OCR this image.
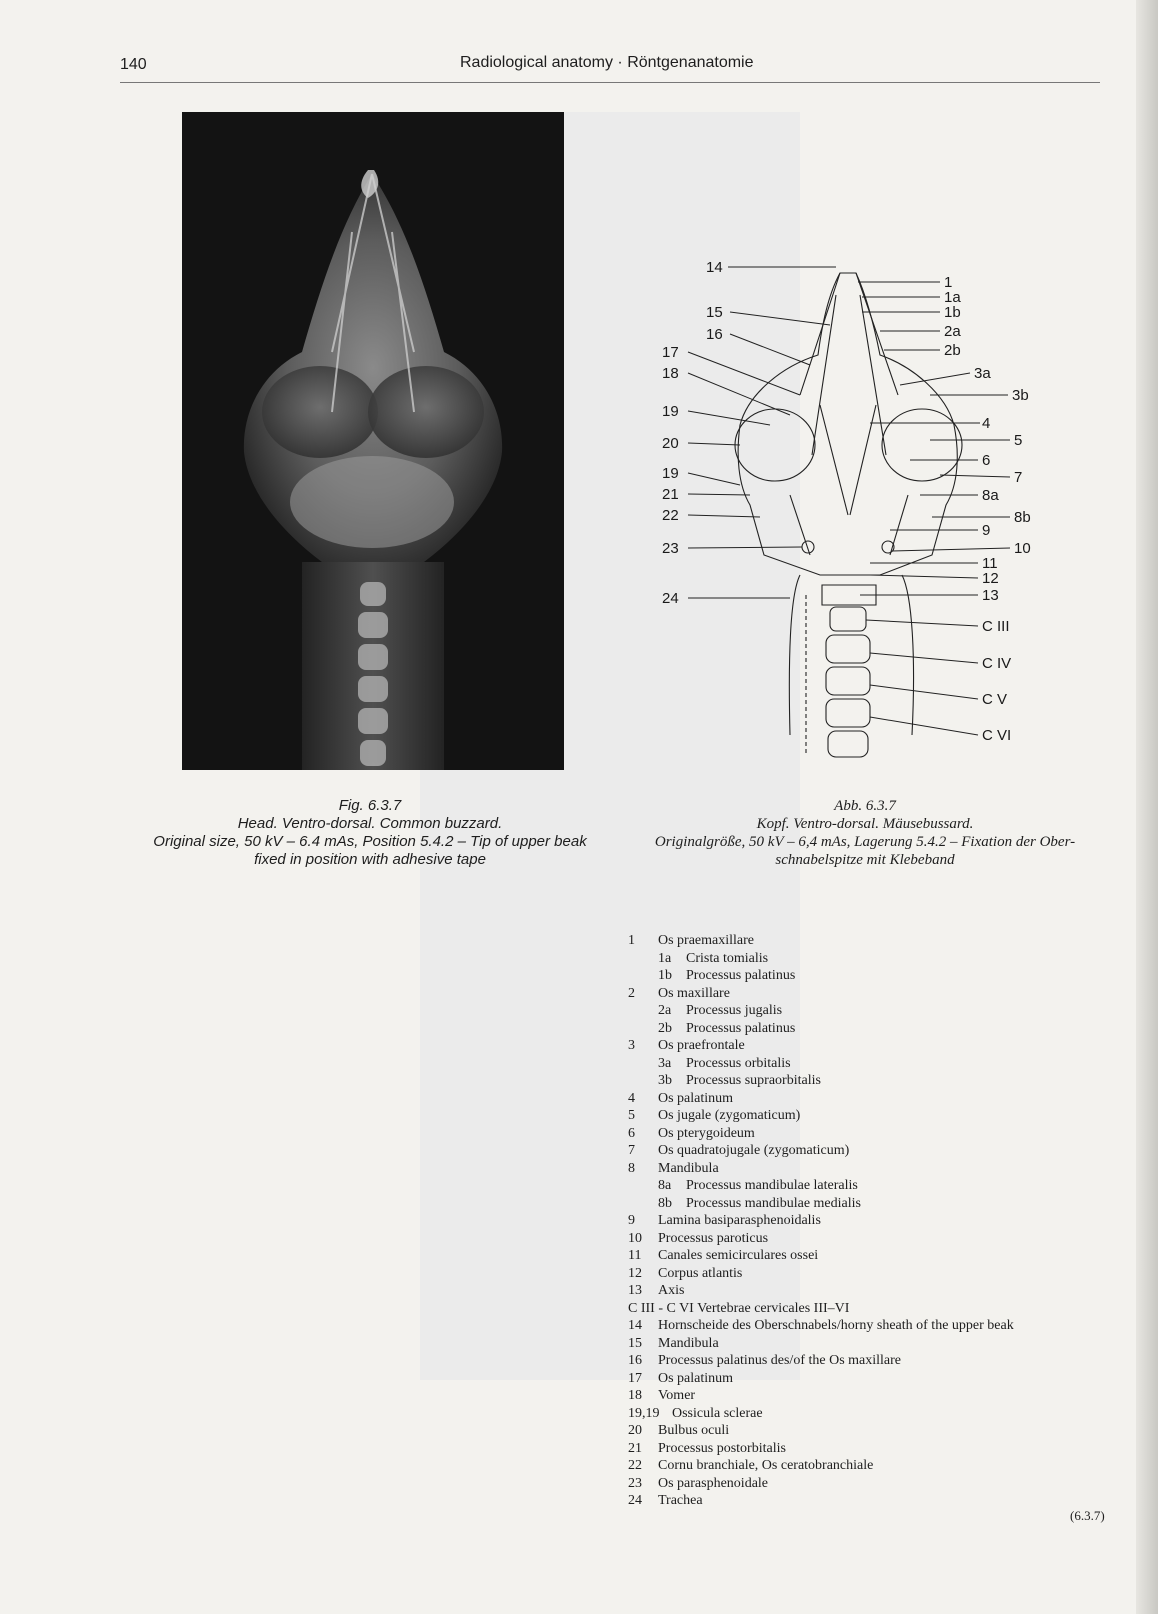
140	Radiological anatomy · Röntgenanatomie
14
15
16
17
18
19
20
19
21
22
23
24
1
1a
1b
2a
2b
3a
3b
4
5
6
7
8a
8b
9
10
11
12
13
C III
C IV
C V
C VI
Fig. 6.3.7
Head. Ventro-dorsal. Common buzzard.
Original size, 50 kV – 6.4 mAs, Position 5.4.2 – Tip of upper beak
fixed in position with adhesive tape
Abb. 6.3.7
Kopf. Ventro-dorsal. Mäusebussard.
Originalgröße, 50 kV – 6,4 mAs, Lagerung 5.4.2 – Fixation der Ober-
schnabelspitze mit Klebeband
1	Os praemaxillare
1a	Crista tomialis
1b	Processus palatinus
2	Os maxillare
2a	Processus jugalis
2b	Processus palatinus
3	Os praefrontale
3a	Processus orbitalis
3b	Processus supraorbitalis
4	Os palatinum
5	Os jugale (zygomaticum)
6	Os pterygoideum
7	Os quadratojugale (zygomaticum)
8	Mandibula
8a	Processus mandibulae lateralis
8b	Processus mandibulae medialis
9	Lamina basiparasphenoidalis
10	Processus paroticus
11	Canales semicirculares ossei
12	Corpus atlantis
13	Axis
C III - C VI Vertebrae cervicales III–VI
14	Hornscheide des Oberschnabels/horny sheath of the upper beak
15	Mandibula
16	Processus palatinus des/of the Os maxillare
17	Os palatinum
18	Vomer
19,19 Ossicula sclerae
20	Bulbus oculi
21	Processus postorbitalis
22	Cornu branchiale, Os ceratobranchiale
23	Os parasphenoidale
24	Trachea
(6.3.7)
